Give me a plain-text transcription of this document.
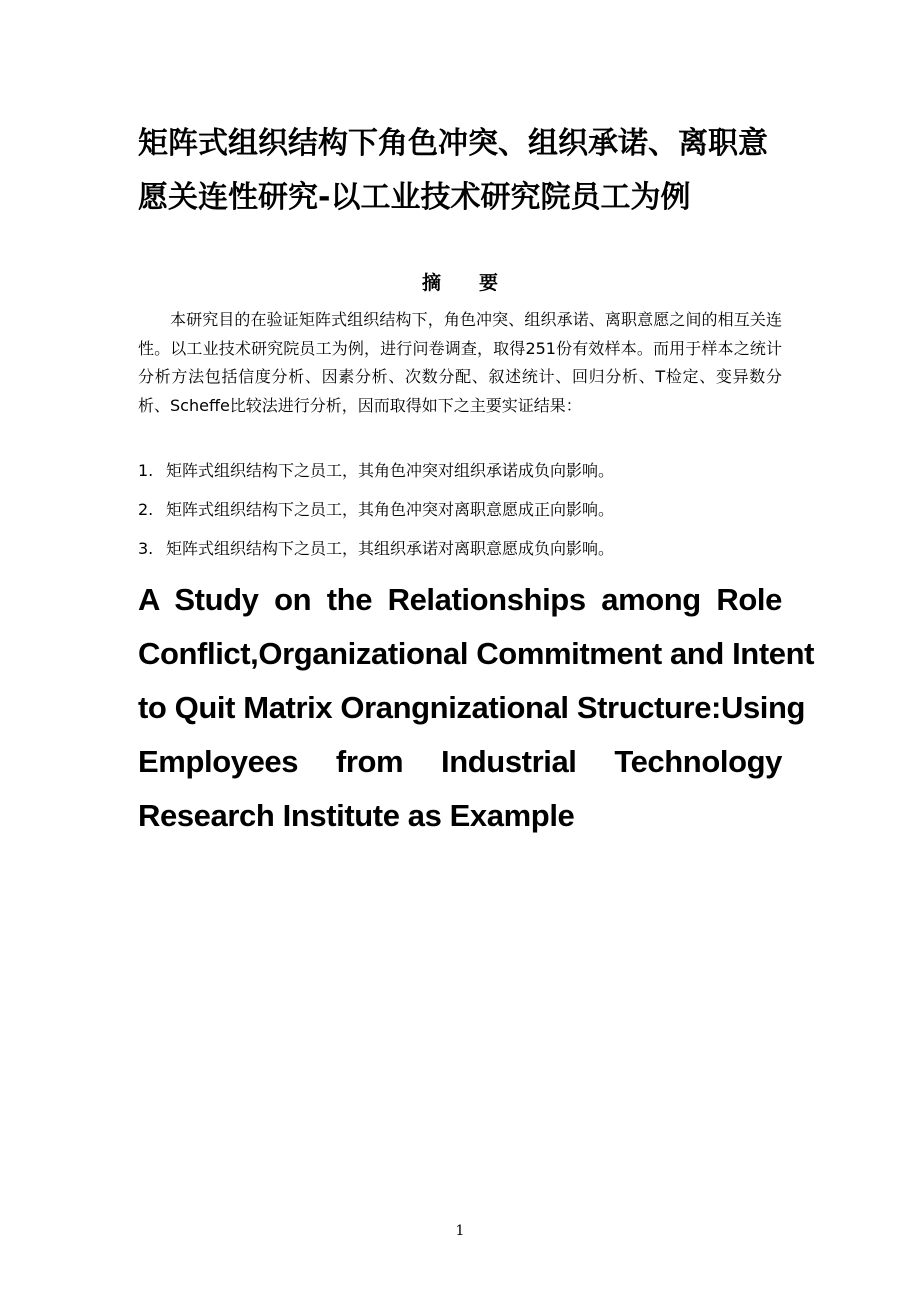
矩阵式组织结构下角色冲突、组织承诺、离职意
愿关连性研究-以工业技术研究院员工为例
摘 要

本研究目的在验证矩阵式组织结构下，角色冲突、组织承诺、离职意愿之间的相互关连性。以工业技术研究院员工为例，进行问卷调查，取得251份有效样本。而用于样本之统计分析方法包括信度分析、因素分析、次数分配、叙述统计、回归分析、T检定、变异数分析、Scheffe比较法进行分析，因而取得如下之主要实证结果：

1. 矩阵式组织结构下之员工，其角色冲突对组织承诺成负向影响。

2. 矩阵式组织结构下之员工，其角色冲突对离职意愿成正向影响。

3. 矩阵式组织结构下之员工，其组织承诺对离职意愿成负向影响。

A Study on the Relationships among Role
Conflict,Organizational Commitment and Intent
to Quit Matrix Orangnizational Structure:Using
Employees from Industrial Technology
Research Institute as Example

1
